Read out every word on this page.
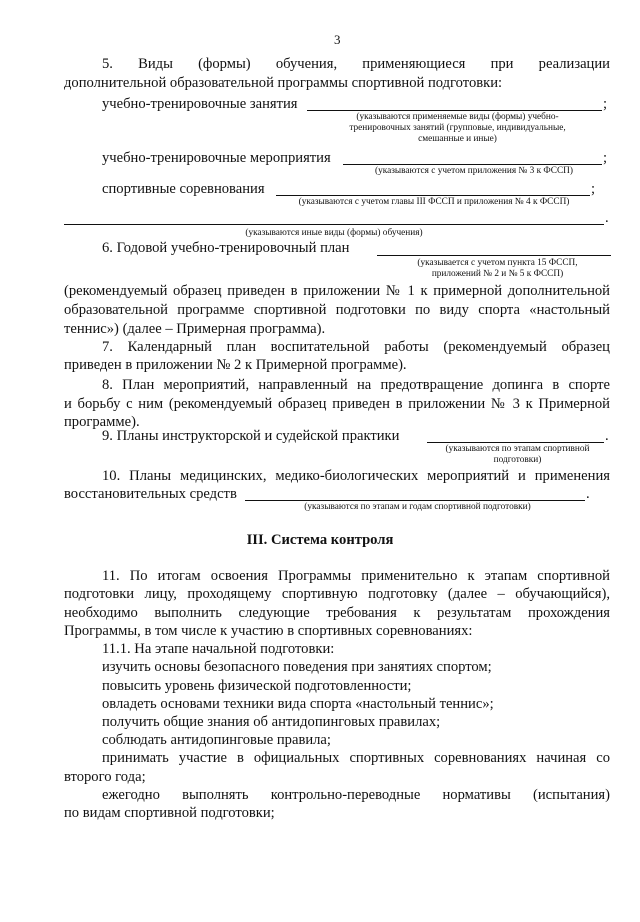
3
5. Виды (формы) обучения, применяющиеся при реализации
дополнительной образовательной программы спортивной подготовки:
учебно-тренировочные занятия	;
(указываются применяемые виды (формы) учебно-
тренировочных занятий (групповые, индивидуальные,
смешанные и иные)
учебно-тренировочные мероприятия	;
(указываются с учетом приложения № 3 к ФССП)
спортивные соревнования	;
(указываются с учетом главы III ФССП и приложения № 4 к ФССП)
.
(указываются иные виды (формы) обучения)
6. Годовой учебно-тренировочный план
(указывается с учетом пункта 15 ФССП,
приложений № 2 и № 5 к ФССП)
(рекомендуемый образец приведен в приложении № 1 к примерной дополнительной
образовательной программе спортивной подготовки по виду спорта «настольный
теннис») (далее – Примерная программа).
7. Календарный план воспитательной работы (рекомендуемый образец
приведен в приложении № 2 к Примерной программе).
8. План мероприятий, направленный на предотвращение допинга в спорте
и борьбу с ним (рекомендуемый образец приведен в приложении № 3 к Примерной
программе).
9. Планы инструкторской и судейской практики	.
(указываются по этапам спортивной
подготовки)
10. Планы медицинских, медико-биологических мероприятий и применения
восстановительных средств	.
(указываются по этапам и годам спортивной подготовки)
III. Система контроля
11. По итогам освоения Программы применительно к этапам спортивной
подготовки лицу, проходящему спортивную подготовку (далее – обучающийся),
необходимо выполнить следующие требования к результатам прохождения
Программы, в том числе к участию в спортивных соревнованиях:
11.1. На этапе начальной подготовки:
изучить основы безопасного поведения при занятиях спортом;
повысить уровень физической подготовленности;
овладеть основами техники вида спорта «настольный теннис»;
получить общие знания об антидопинговых правилах;
соблюдать антидопинговые правила;
принимать участие в официальных спортивных соревнованиях начиная со
второго года;
ежегодно выполнять контрольно-переводные нормативы (испытания)
по видам спортивной подготовки;
